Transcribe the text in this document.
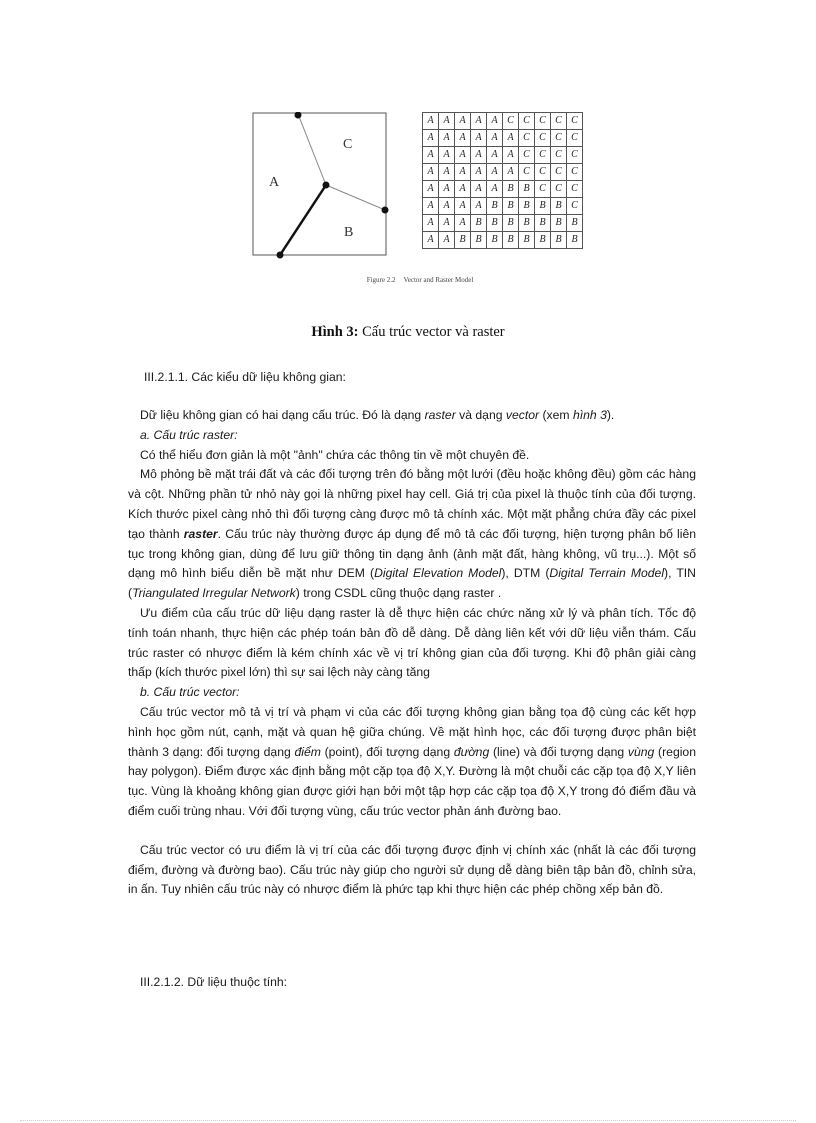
A
C
B
A	A	A	A	A	C	C	C	C	C
A	A	A	A	A	A	C	C	C	C
A	A	A	A	A	A	C	C	C	C
A	A	A	A	A	A	C	C	C	C
A	A	A	A	A	B	B	C	C	C
A	A	A	A	B	B	B	B	B	C
A	A	A	B	B	B	B	B	B	B
A	A	B	B	B	B	B	B	B	B
Figure 2.2 Vector and Raster Model
Hình 3: Cấu trúc vector và raster
III.2.1.1. Các kiểu dữ liệu không gian:

Dữ liệu không gian có hai dạng cấu trúc. Đó là dạng raster và dạng vector (xem hình 3).

a. Cấu trúc raster:

Có thể hiểu đơn giản là một "ảnh" chứa các thông tin về một chuyên đề.

Mô phỏng bề mặt trái đất và các đối tượng trên đó bằng một lưới (đều hoặc không đều) gồm các hàng và cột. Những phần tử nhỏ này gọi là những pixel hay cell. Giá trị của pixel là thuộc tính của đối tượng. Kích thước pixel càng nhỏ thì đối tượng càng được mô tả chính xác. Một mặt phẳng chứa đầy các pixel tạo thành raster. Cấu trúc này thường được áp dụng để mô tả các đối tượng, hiện tượng phân bố liên tục trong không gian, dùng để lưu giữ thông tin dạng ảnh (ảnh mặt đất, hàng không, vũ trụ...). Một số dạng mô hình biểu diễn bề mặt như DEM (Digital Elevation Model), DTM (Digital Terrain Model), TIN (Triangulated Irregular Network) trong CSDL cũng thuộc dạng raster .

Ưu điểm của cấu trúc dữ liệu dạng raster là dễ thực hiện các chức năng xử lý và phân tích. Tốc độ tính toán nhanh, thực hiện các phép toán bản đồ dễ dàng. Dễ dàng liên kết với dữ liệu viễn thám. Cấu trúc raster có nhược điểm là kém chính xác về vị trí không gian của đối tượng. Khi độ phân giải càng thấp (kích thước pixel lớn) thì sự sai lệch này càng tăng

b. Cấu trúc vector:

Cấu trúc vector mô tả vị trí và phạm vi của các đối tượng không gian bằng tọa độ cùng các kết hợp hình học gồm nút, cạnh, mặt và quan hệ giữa chúng. Về mặt hình học, các đối tượng được phân biệt thành 3 dạng: đối tượng dạng điểm (point), đối tượng dạng đường (line) và đối tượng dạng vùng (region hay polygon). Điểm được xác định bằng một cặp tọa độ X,Y. Đường là một chuỗi các cặp tọa độ X,Y liên tục. Vùng là khoảng không gian được giới hạn bởi một tập hợp các cặp tọa độ X,Y trong đó điểm đầu và điểm cuối trùng nhau. Với đối tượng vùng, cấu trúc vector phản ánh đường bao.

Cấu trúc vector có ưu điểm là vị trí của các đối tượng được định vị chính xác (nhất là các đối tượng điểm, đường và đường bao). Cấu trúc này giúp cho người sử dụng dễ dàng biên tập bản đồ, chỉnh sửa, in ấn. Tuy nhiên cấu trúc này có nhược điểm là phức tạp khi thực hiện các phép chồng xếp bản đồ.

III.2.1.2. Dữ liệu thuộc tính:
